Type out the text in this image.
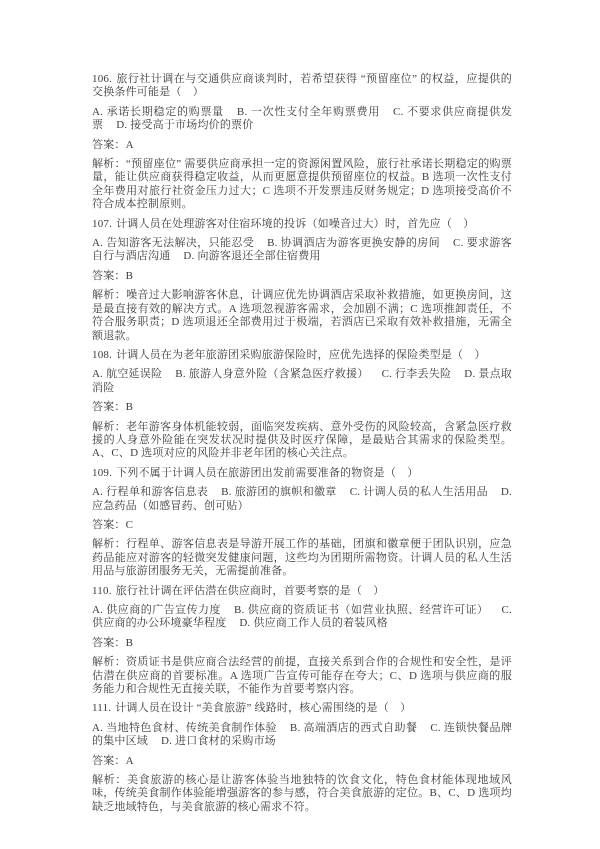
106. 旅行社计调在与交通供应商谈判时，若希望获得 “预留座位” 的权益，应提供的交换条件可能是（　）

A. 承诺长期稳定的购票量 B. 一次性支付全年购票费用 C. 不要求供应商提供发票 D. 接受高于市场均价的票价

答案：A

解析：“预留座位” 需要供应商承担一定的资源闲置风险，旅行社承诺长期稳定的购票量，能让供应商获得稳定收益，从而更愿意提供预留座位的权益。B 选项一次性支付全年费用对旅行社资金压力过大；C 选项不开发票违反财务规定；D 选项接受高价不符合成本控制原则。

107. 计调人员在处理游客对住宿环境的投诉（如噪音过大）时，首先应（　）

A. 告知游客无法解决，只能忍受 B. 协调酒店为游客更换安静的房间 C. 要求游客自行与酒店沟通 D. 向游客退还全部住宿费用

答案：B

解析：噪音过大影响游客休息，计调应优先协调酒店采取补救措施，如更换房间，这是最直接有效的解决方式。A 选项忽视游客需求，会加剧不满；C 选项推卸责任，不符合服务职责；D 选项退还全部费用过于极端，若酒店已采取有效补救措施，无需全额退款。

108. 计调人员在为老年旅游团采购旅游保险时，应优先选择的保险类型是（　）

A. 航空延误险 B. 旅游人身意外险（含紧急医疗救援） C. 行李丢失险 D. 景点取消险

答案：B

解析：老年游客身体机能较弱，面临突发疾病、意外受伤的风险较高，含紧急医疗救援的人身意外险能在突发状况时提供及时医疗保障，是最贴合其需求的保险类型。A、C、D 选项对应的风险并非老年团的核心关注点。

109. 下列不属于计调人员在旅游团出发前需要准备的物资是（　）

A. 行程单和游客信息表 B. 旅游团的旗帜和徽章 C. 计调人员的私人生活用品 D. 应急药品（如感冒药、创可贴）

答案：C

解析：行程单、游客信息表是导游开展工作的基础，团旗和徽章便于团队识别，应急药品能应对游客的轻微突发健康问题，这些均为团期所需物资。计调人员的私人生活用品与旅游团服务无关，无需提前准备。

110. 旅行社计调在评估潜在供应商时，首要考察的是（　）

A. 供应商的广告宣传力度 B. 供应商的资质证书（如营业执照、经营许可证） C. 供应商的办公环境豪华程度 D. 供应商工作人员的着装风格

答案：B

解析：资质证书是供应商合法经营的前提，直接关系到合作的合规性和安全性，是评估潜在供应商的首要标准。A 选项广告宣传可能存在夸大；C、D 选项与供应商的服务能力和合规性无直接关联，不能作为首要考察内容。

111. 计调人员在设计 “美食旅游” 线路时，核心需围绕的是（　）

A. 当地特色食材、传统美食制作体验 B. 高端酒店的西式自助餐 C. 连锁快餐品牌的集中区域 D. 进口食材的采购市场

答案：A

解析：美食旅游的核心是让游客体验当地独特的饮食文化，特色食材能体现地域风味，传统美食制作体验能增强游客的参与感，符合美食旅游的定位。B、C、D 选项均缺乏地域特色，与美食旅游的核心需求不符。
